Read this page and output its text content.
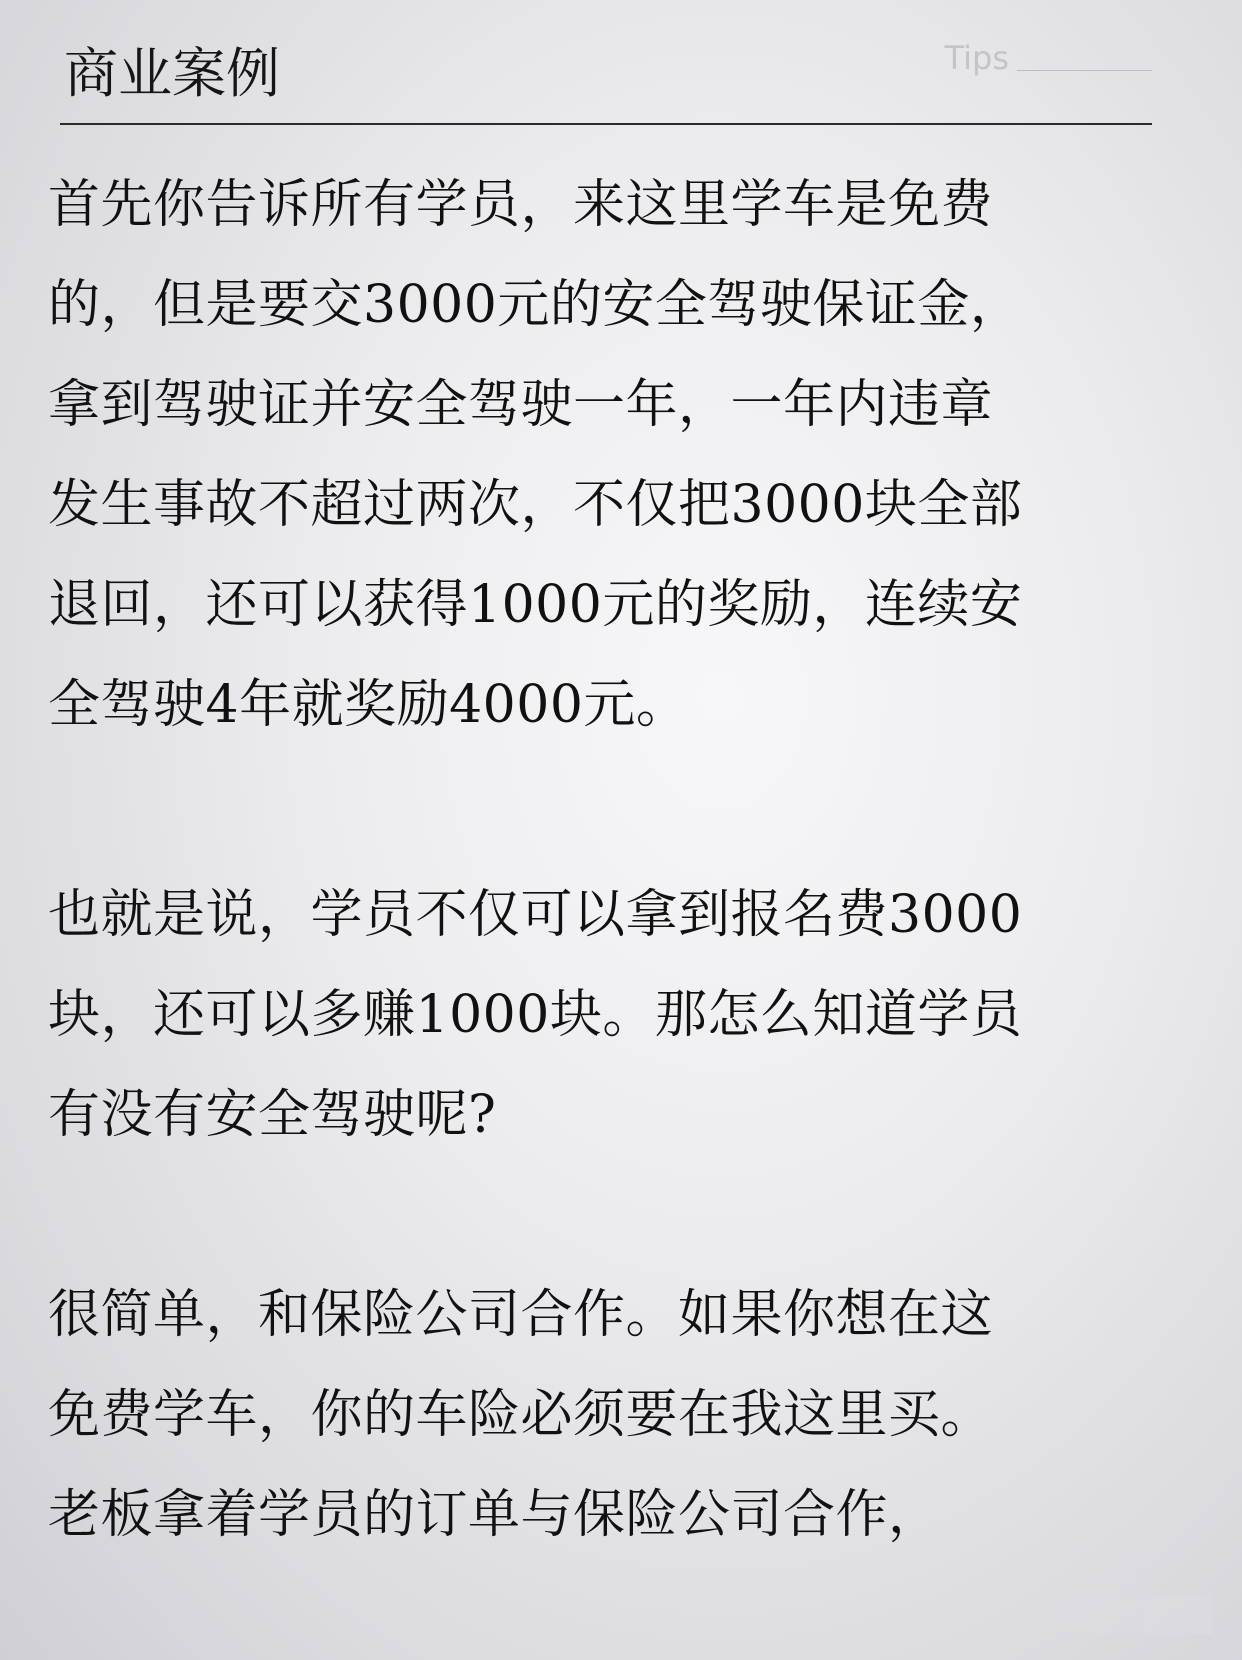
商业案例	Tips

首先你告诉所有学员，来这里学车是免费

的，但是要交3000元的安全驾驶保证金，

拿到驾驶证并安全驾驶一年，一年内违章

发生事故不超过两次，不仅把3000块全部

退回，还可以获得1000元的奖励，连续安

全驾驶4年就奖励4000元。

也就是说，学员不仅可以拿到报名费3000

块，还可以多赚1000块。那怎么知道学员

有没有安全驾驶呢?

很简单，和保险公司合作。如果你想在这

免费学车，你的车险必须要在我这里买。

老板拿着学员的订单与保险公司合作，
